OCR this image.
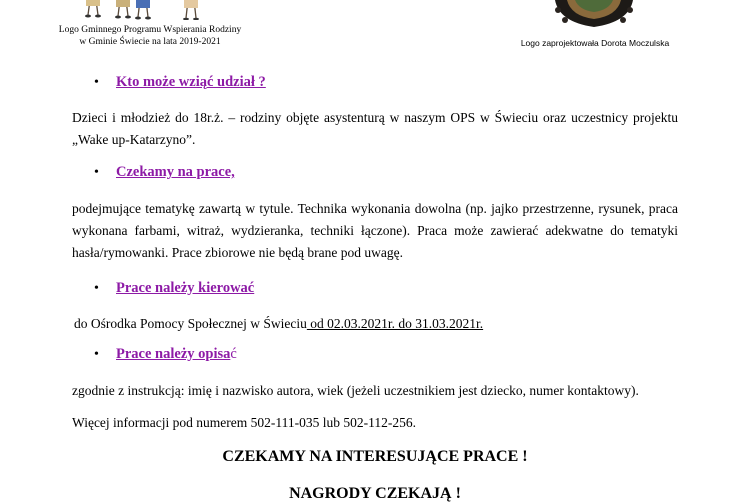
Logo Gminnego Programu Wspierania Rodziny
w Gminie Świecie na lata 2019-2021	Logo zaprojektowała Dorota Moczulska
•	Kto może wziąć udział ?
Dzieci i młodzież do 18r.ż. – rodziny objęte asystenturą w naszym OPS w Świeciu oraz uczestnicy projektu „Wake up-Katarzyno”.
•	Czekamy na prace,
podejmujące tematykę zawartą w tytule. Technika wykonania dowolna (np. jajko przestrzenne, rysunek, praca wykonana farbami, witraż, wydzieranka, techniki łączone). Praca może zawierać adekwatne do tematyki hasła/rymowanki. Prace zbiorowe nie będą brane pod uwagę.
•	Prace należy kierować
do Ośrodka Pomocy Społecznej w Świeciu od 02.03.2021r. do 31.03.2021r.
•	Prace należy opisa ć
zgodnie z instrukcją: imię i nazwisko autora, wiek (jeżeli uczestnikiem jest dziecko, numer kontaktowy).
Więcej informacji pod numerem 502-111-035 lub 502-112-256.
CZEKAMY NA INTERESUJĄCE PRACE !
NAGRODY CZEKAJĄ !
